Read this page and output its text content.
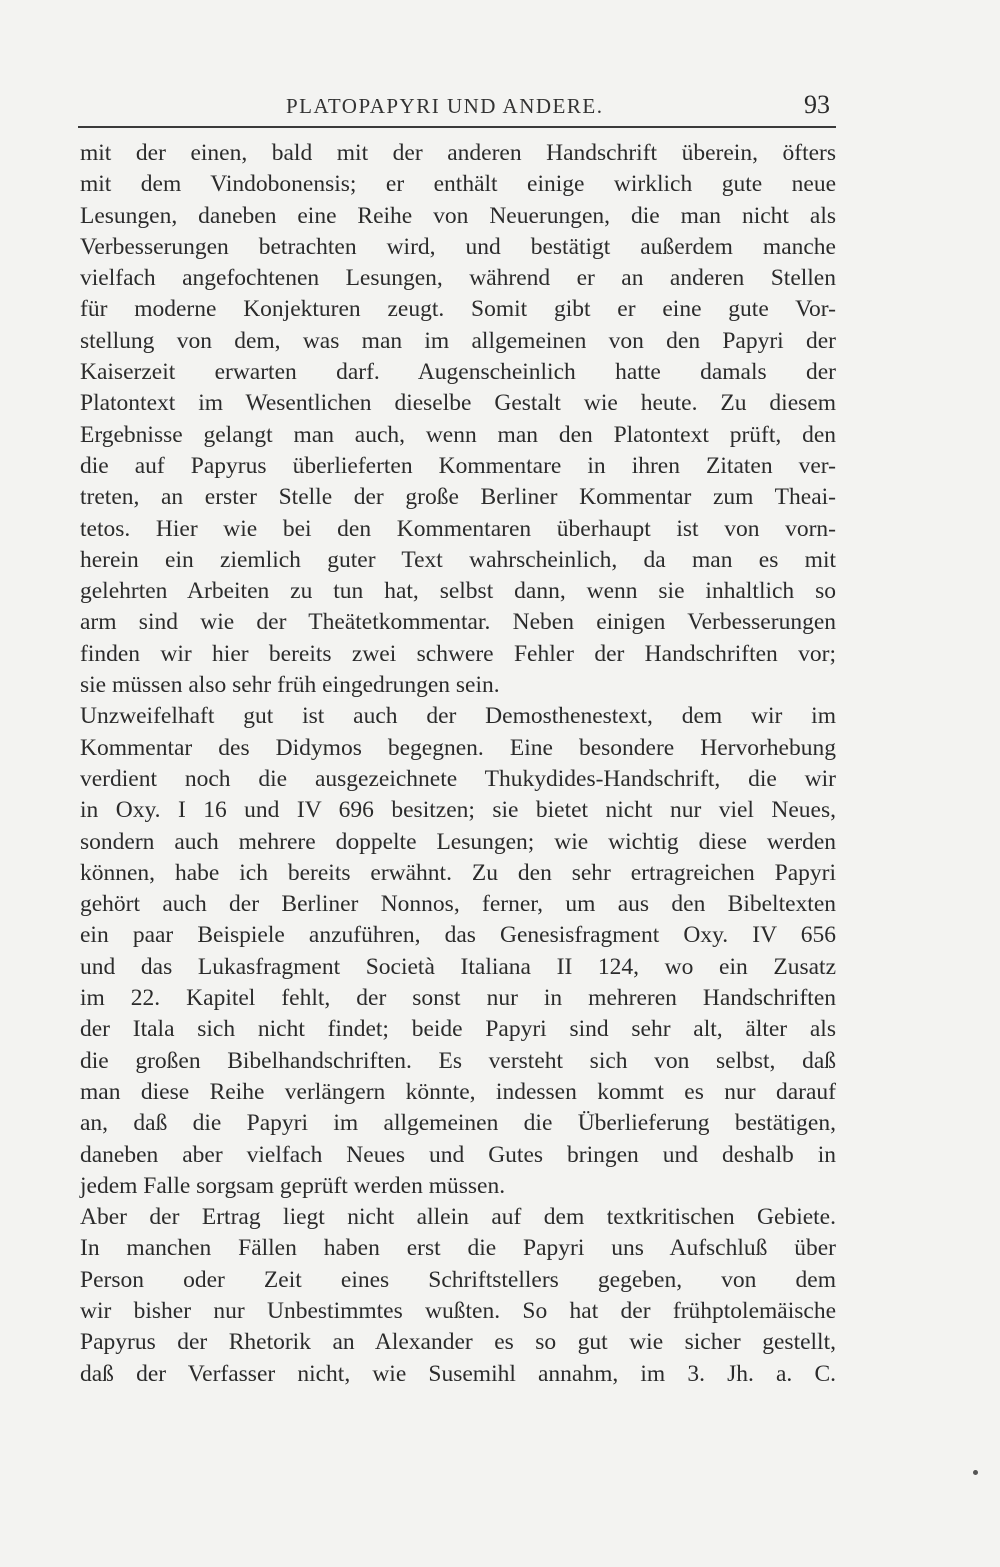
PLATOPAPYRI UND ANDERE.	93
mit der einen, bald mit der anderen Handschrift überein, öfters
mit dem Vindobonensis; er enthält einige wirklich gute neue
Lesungen, daneben eine Reihe von Neuerungen, die man nicht als
Verbesserungen betrachten wird, und bestätigt außerdem manche
vielfach angefochtenen Lesungen, während er an anderen Stellen
für moderne Konjekturen zeugt. Somit gibt er eine gute Vor-
stellung von dem, was man im allgemeinen von den Papyri der
Kaiserzeit erwarten darf. Augenscheinlich hatte damals der
Platontext im Wesentlichen dieselbe Gestalt wie heute. Zu diesem
Ergebnisse gelangt man auch, wenn man den Platontext prüft, den
die auf Papyrus überlieferten Kommentare in ihren Zitaten ver-
treten, an erster Stelle der große Berliner Kommentar zum Theai-
tetos. Hier wie bei den Kommentaren überhaupt ist von vorn-
herein ein ziemlich guter Text wahrscheinlich, da man es mit
gelehrten Arbeiten zu tun hat, selbst dann, wenn sie inhaltlich so
arm sind wie der Theätetkommentar. Neben einigen Verbesserungen
finden wir hier bereits zwei schwere Fehler der Handschriften vor;
sie müssen also sehr früh eingedrungen sein.
Unzweifelhaft gut ist auch der Demosthenestext, dem wir im
Kommentar des Didymos begegnen. Eine besondere Hervorhebung
verdient noch die ausgezeichnete Thukydides-Handschrift, die wir
in Oxy. I 16 und IV 696 besitzen; sie bietet nicht nur viel Neues,
sondern auch mehrere doppelte Lesungen; wie wichtig diese werden
können, habe ich bereits erwähnt. Zu den sehr ertragreichen Papyri
gehört auch der Berliner Nonnos, ferner, um aus den Bibeltexten
ein paar Beispiele anzuführen, das Genesisfragment Oxy. IV 656
und das Lukasfragment Società Italiana II 124, wo ein Zusatz
im 22. Kapitel fehlt, der sonst nur in mehreren Handschriften
der Itala sich nicht findet; beide Papyri sind sehr alt, älter als
die großen Bibelhandschriften. Es versteht sich von selbst, daß
man diese Reihe verlängern könnte, indessen kommt es nur darauf
an, daß die Papyri im allgemeinen die Überlieferung bestätigen,
daneben aber vielfach Neues und Gutes bringen und deshalb in
jedem Falle sorgsam geprüft werden müssen.
Aber der Ertrag liegt nicht allein auf dem textkritischen Gebiete.
In manchen Fällen haben erst die Papyri uns Aufschluß über
Person oder Zeit eines Schriftstellers gegeben, von dem
wir bisher nur Unbestimmtes wußten. So hat der frühptolemäische
Papyrus der Rhetorik an Alexander es so gut wie sicher gestellt,
daß der Verfasser nicht, wie Susemihl annahm, im 3. Jh. a. C.
